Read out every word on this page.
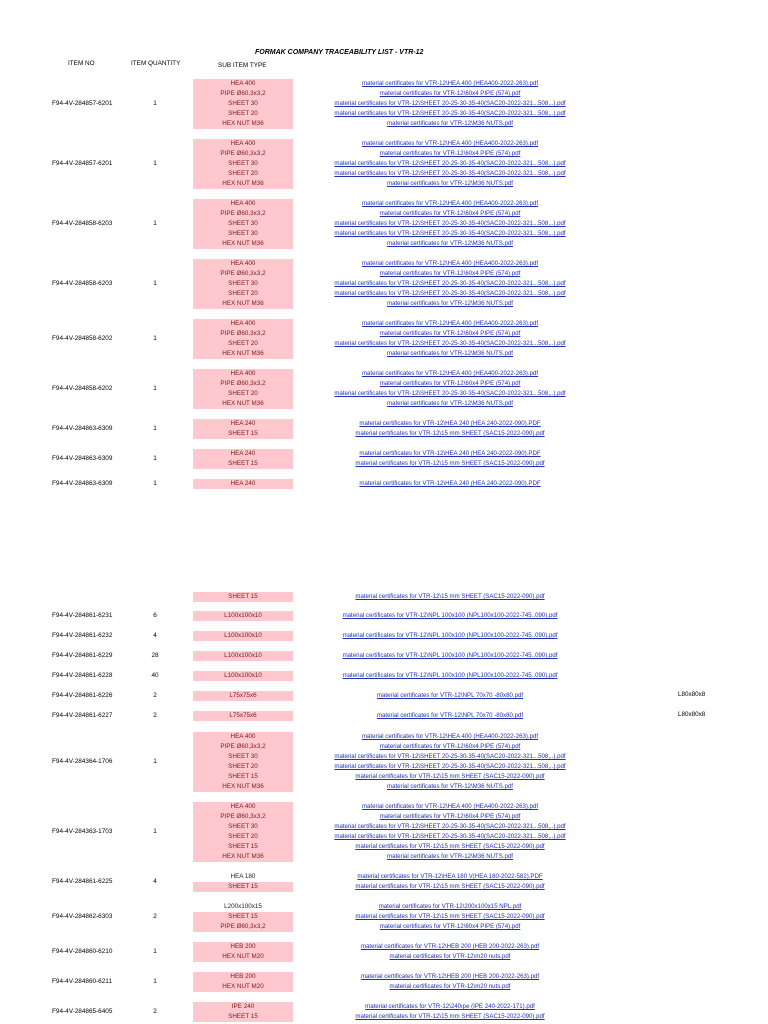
FORMAK COMPANY TRACEABILITY LIST - VTR-12
ITEM NO	ITEM QUANTITY	SUB ITEM TYPE
F94-4V-284857-6201	1
HEA 400	material certificates for VTR-12\HEA 400 (HEA400-2022-263).pdf
PIPE Ø60,3x3,2	material certificates for VTR-12\60x4 PIPE (574).pdf
SHEET 30	material certificates for VTR-12\SHEET 20-25-30-35-40(SAC20-2022-321...508,..).pdf
SHEET 20	material certificates for VTR-12\SHEET 20-25-30-35-40(SAC20-2022-321...508,..).pdf
HEX NUT M36	material certificates for VTR-12\M36 NUTS.pdf
F94-4V-284857-6201	1
HEA 400	material certificates for VTR-12\HEA 400 (HEA400-2022-263).pdf
PIPE Ø60,3x3,2	material certificates for VTR-12\60x4 PIPE (574).pdf
SHEET 30	material certificates for VTR-12\SHEET 20-25-30-35-40(SAC20-2022-321...508,..).pdf
SHEET 20	material certificates for VTR-12\SHEET 20-25-30-35-40(SAC20-2022-321...508,..).pdf
HEX NUT M36	material certificates for VTR-12\M36 NUTS.pdf
F94-4V-284858-6203	1
HEA 400	material certificates for VTR-12\HEA 400 (HEA400-2022-263).pdf
PIPE Ø60,3x3,2	material certificates for VTR-12\60x4 PIPE (574).pdf
SHEET 30	material certificates for VTR-12\SHEET 20-25-30-35-40(SAC20-2022-321...508,..).pdf
SHEET 30	material certificates for VTR-12\SHEET 20-25-30-35-40(SAC20-2022-321...508,..).pdf
HEX NUT M36	material certificates for VTR-12\M36 NUTS.pdf
F94-4V-284858-6203	1
HEA 400	material certificates for VTR-12\HEA 400 (HEA400-2022-263).pdf
PIPE Ø60,3x3,2	material certificates for VTR-12\60x4 PIPE (574).pdf
SHEET 30	material certificates for VTR-12\SHEET 20-25-30-35-40(SAC20-2022-321...508,..).pdf
SHEET 20	material certificates for VTR-12\SHEET 20-25-30-35-40(SAC20-2022-321...508,..).pdf
HEX NUT M36	material certificates for VTR-12\M36 NUTS.pdf
F94-4V-284858-6202	1
HEA 400	material certificates for VTR-12\HEA 400 (HEA400-2022-263).pdf
PIPE Ø60,3x3,2	material certificates for VTR-12\60x4 PIPE (574).pdf
SHEET 20	material certificates for VTR-12\SHEET 20-25-30-35-40(SAC20-2022-321...508,..).pdf
HEX NUT M36	material certificates for VTR-12\M36 NUTS.pdf
F94-4V-284858-6202	1
HEA 400	material certificates for VTR-12\HEA 400 (HEA400-2022-263).pdf
PIPE Ø60,3x3,2	material certificates for VTR-12\60x4 PIPE (574).pdf
SHEET 20	material certificates for VTR-12\SHEET 20-25-30-35-40(SAC20-2022-321...508,..).pdf
HEX NUT M36	material certificates for VTR-12\M36 NUTS.pdf
F94-4V-284863-6309	1
HEA 240	material certificates for VTR-12\HEA 240 (HEA 240-2022-090).PDF
SHEET 15	material certificates for VTR-12\15 mm SHEET (SAC15-2022-090).pdf
F94-4V-284863-6309	1
HEA 240	material certificates for VTR-12\HEA 240 (HEA 240-2022-090).PDF
SHEET 15	material certificates for VTR-12\15 mm SHEET (SAC15-2022-090).pdf
F94-4V-284863-6309	1	HEA 240	material certificates for VTR-12\HEA 240 (HEA 240-2022-090).PDF
SHEET 15	material certificates for VTR-12\15 mm SHEET (SAC15-2022-090).pdf
F94-4V-284861-6231	6	L100x100x10	material certificates for VTR-12\NPL 100x100 (NPL100x100-2022-745..090).pdf
F94-4V-284861-6232	4	L100x100x10	material certificates for VTR-12\NPL 100x100 (NPL100x100-2022-745..090).pdf
F94-4V-284861-6229	28	L100x100x10	material certificates for VTR-12\NPL 100x100 (NPL100x100-2022-745..090).pdf
F94-4V-284861-6228	40	L100x100x10	material certificates for VTR-12\NPL 100x100 (NPL100x100-2022-745..090).pdf
F94-4V-284861-6226	2	L75x75x6	material certificates for VTR-12\NPL 70x70 -80x80.pdf	L80x80x8
F94-4V-284861-6227	2	L75x75x6	material certificates for VTR-12\NPL 70x70 -80x80.pdf	L80x80x8
F94-4V-284364-1706	1
HEA 400	material certificates for VTR-12\HEA 400 (HEA400-2022-263).pdf
PIPE Ø60,3x3,2	material certificates for VTR-12\60x4 PIPE (574).pdf
SHEET 30	material certificates for VTR-12\SHEET 20-25-30-35-40(SAC20-2022-321...508,..).pdf
SHEET 20	material certificates for VTR-12\SHEET 20-25-30-35-40(SAC20-2022-321...508,..).pdf
SHEET 15	material certificates for VTR-12\15 mm SHEET (SAC15-2022-090).pdf
HEX NUT M36	material certificates for VTR-12\M36 NUTS.pdf
F94-4V-284363-1703	1
HEA 400	material certificates for VTR-12\HEA 400 (HEA400-2022-263).pdf
PIPE Ø60,3x3,2	material certificates for VTR-12\60x4 PIPE (574).pdf
SHEET 30	material certificates for VTR-12\SHEET 20-25-30-35-40(SAC20-2022-321...508,..).pdf
SHEET 20	material certificates for VTR-12\SHEET 20-25-30-35-40(SAC20-2022-321...508,..).pdf
SHEET 15	material certificates for VTR-12\15 mm SHEET (SAC15-2022-090).pdf
HEX NUT M36	material certificates for VTR-12\M36 NUTS.pdf
F94-4V-284861-6225	4
HEA 180	material certificates for VTR-12\HEA 180 V(HEA 180-2022-582).PDF
SHEET 15	material certificates for VTR-12\15 mm SHEET (SAC15-2022-090).pdf
F94-4V-284862-6303	2
L200x100x15	material certificates for VTR-12\200x100x15 NPL.pdf
SHEET 15	material certificates for VTR-12\15 mm SHEET (SAC15-2022-090).pdf
PIPE Ø60,3x3,2	material certificates for VTR-12\60x4 PIPE (574).pdf
F94-4V-284860-6210	1
HEB 200	material certificates for VTR-12\HEB 200 (HEB 200-2022-263).pdf
HEX NUT M20	material certificates for VTR-12\m20 nuts.pdf
F94-4V-284860-6211	1
HEB 200	material certificates for VTR-12\HEB 200 (HEB 200-2022-263).pdf
HEX NUT M20	material certificates for VTR-12\m20 nuts.pdf
F94-4V-284865-6405	2
IPE 240	material certificates for VTR-12\240ıpe (IPE 240-2022-171).pdf
SHEET 15	material certificates for VTR-12\15 mm SHEET (SAC15-2022-090).pdf
